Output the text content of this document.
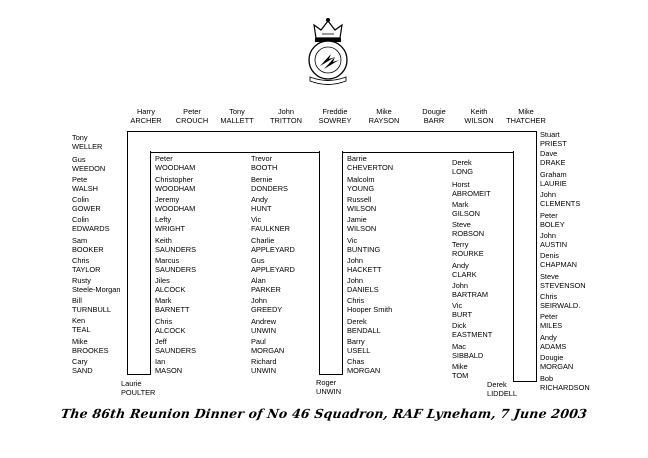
Harry
ARCHER
Peter
CROUCH
Tony
MALLETT
John
TRITTON
Freddie
SOWREY
Mike
RAYSON
Dougie
BARR
Keith
WILSON
Mike
THATCHER
Tony
WELLER
Gus
WEEDON
Pete
WALSH
Colin
GOWER
Colin
EDWARDS
Sam
BOOKER
Chris
TAYLOR
Rusty
Steele-Morgan
Bill
TURNBULL
Ken
TEAL
Mike
BROOKES
Cary
SAND
Peter
WOODHAM
Christopher
WOODHAM
Jeremy
WOODHAM
Lefty
WRIGHT
Keith
SAUNDERS
Marcus
SAUNDERS
Jiles
ALCOCK
Mark
BARNETT
Chris
ALCOCK
Jeff
SAUNDERS
Ian
MASON
Laurie
POULTER
Trevor
BOOTH
Bernie
DONDERS
Andy
HUNT
Vic
FAULKNER
Charlie
APPLEYARD
Gus
APPLEYARD
Alan
PARKER
John
GREEDY
Andrew
UNWIN
Paul
MORGAN
Richard
UNWIN
Roger
UNWIN
Barrie
CHEVERTON
Malcolm
YOUNG
Russell
WILSON
Jamie
WILSON
Vic
BUNTING
John
HACKETT
John
DANIELS
Chris
Hooper Smith
Derek
BENDALL
Barry
USELL
Chas
MORGAN
Derek
LONG
Horst
ABROMEIT
Mark
GILSON
Steve
ROBSON
Terry
ROURKE
Andy
CLARK
John
BARTRAM
Vic
BURT
Dick
EASTMENT
Mac
SIBBALD
Mike
TOM
Derek
LIDDELL
Stuart
PRIEST
Dave
DRAKE
Graham
LAURIE
John
CLEMENTS
Peter
BOLEY
John
AUSTIN
Denis
CHAPMAN
Steve
STEVENSON
Chris
SEIRWALD.
Peter
MILES
Andy
ADAMS
Dougie
MORGAN
Bob
RICHARDSON
The 86th Reunion Dinner of No 46 Squadron, RAF Lyneham, 7 June 2003
